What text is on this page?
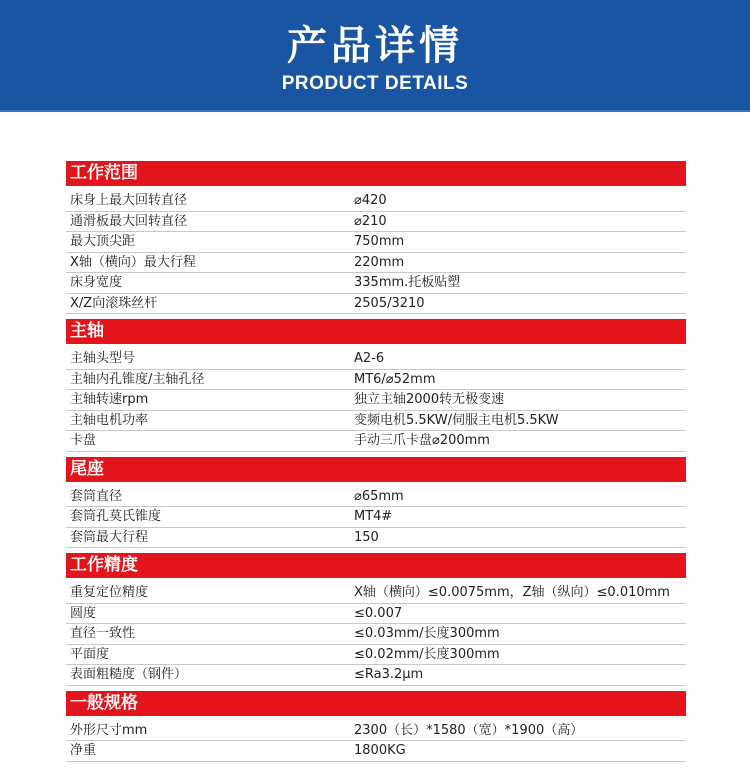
产品详情
PRODUCT DETAILS
工作范围
床身上最大回转直径	⌀420
通滑板最大回转直径	⌀210
最大顶尖距	750mm
X轴（横向）最大行程	220mm
床身宽度	335mm.托板贴塑
X/Z向滚珠丝杆	2505/3210
主轴
主轴头型号	A2-6
主轴内孔锥度/主轴孔径	MT6/⌀52mm
主轴转速rpm	独立主轴2000转无极变速
主轴电机功率	变频电机5.5KW/伺服主电机5.5KW
卡盘	手动三爪卡盘⌀200mm
尾座
套筒直径	⌀65mm
套筒孔莫氏锥度	MT4#
套筒最大行程	150
工作精度
重复定位精度	X轴（横向）≤0.0075mm，Z轴（纵向）≤0.010mm
圆度	≤0.007
直径一致性	≤0.03mm/长度300mm
平面度	≤0.02mm/长度300mm
表面粗糙度（钢件）	≤Ra3.2μm
一般规格
外形尺寸mm	2300（长）*1580（宽）*1900（高）
净重	1800KG
